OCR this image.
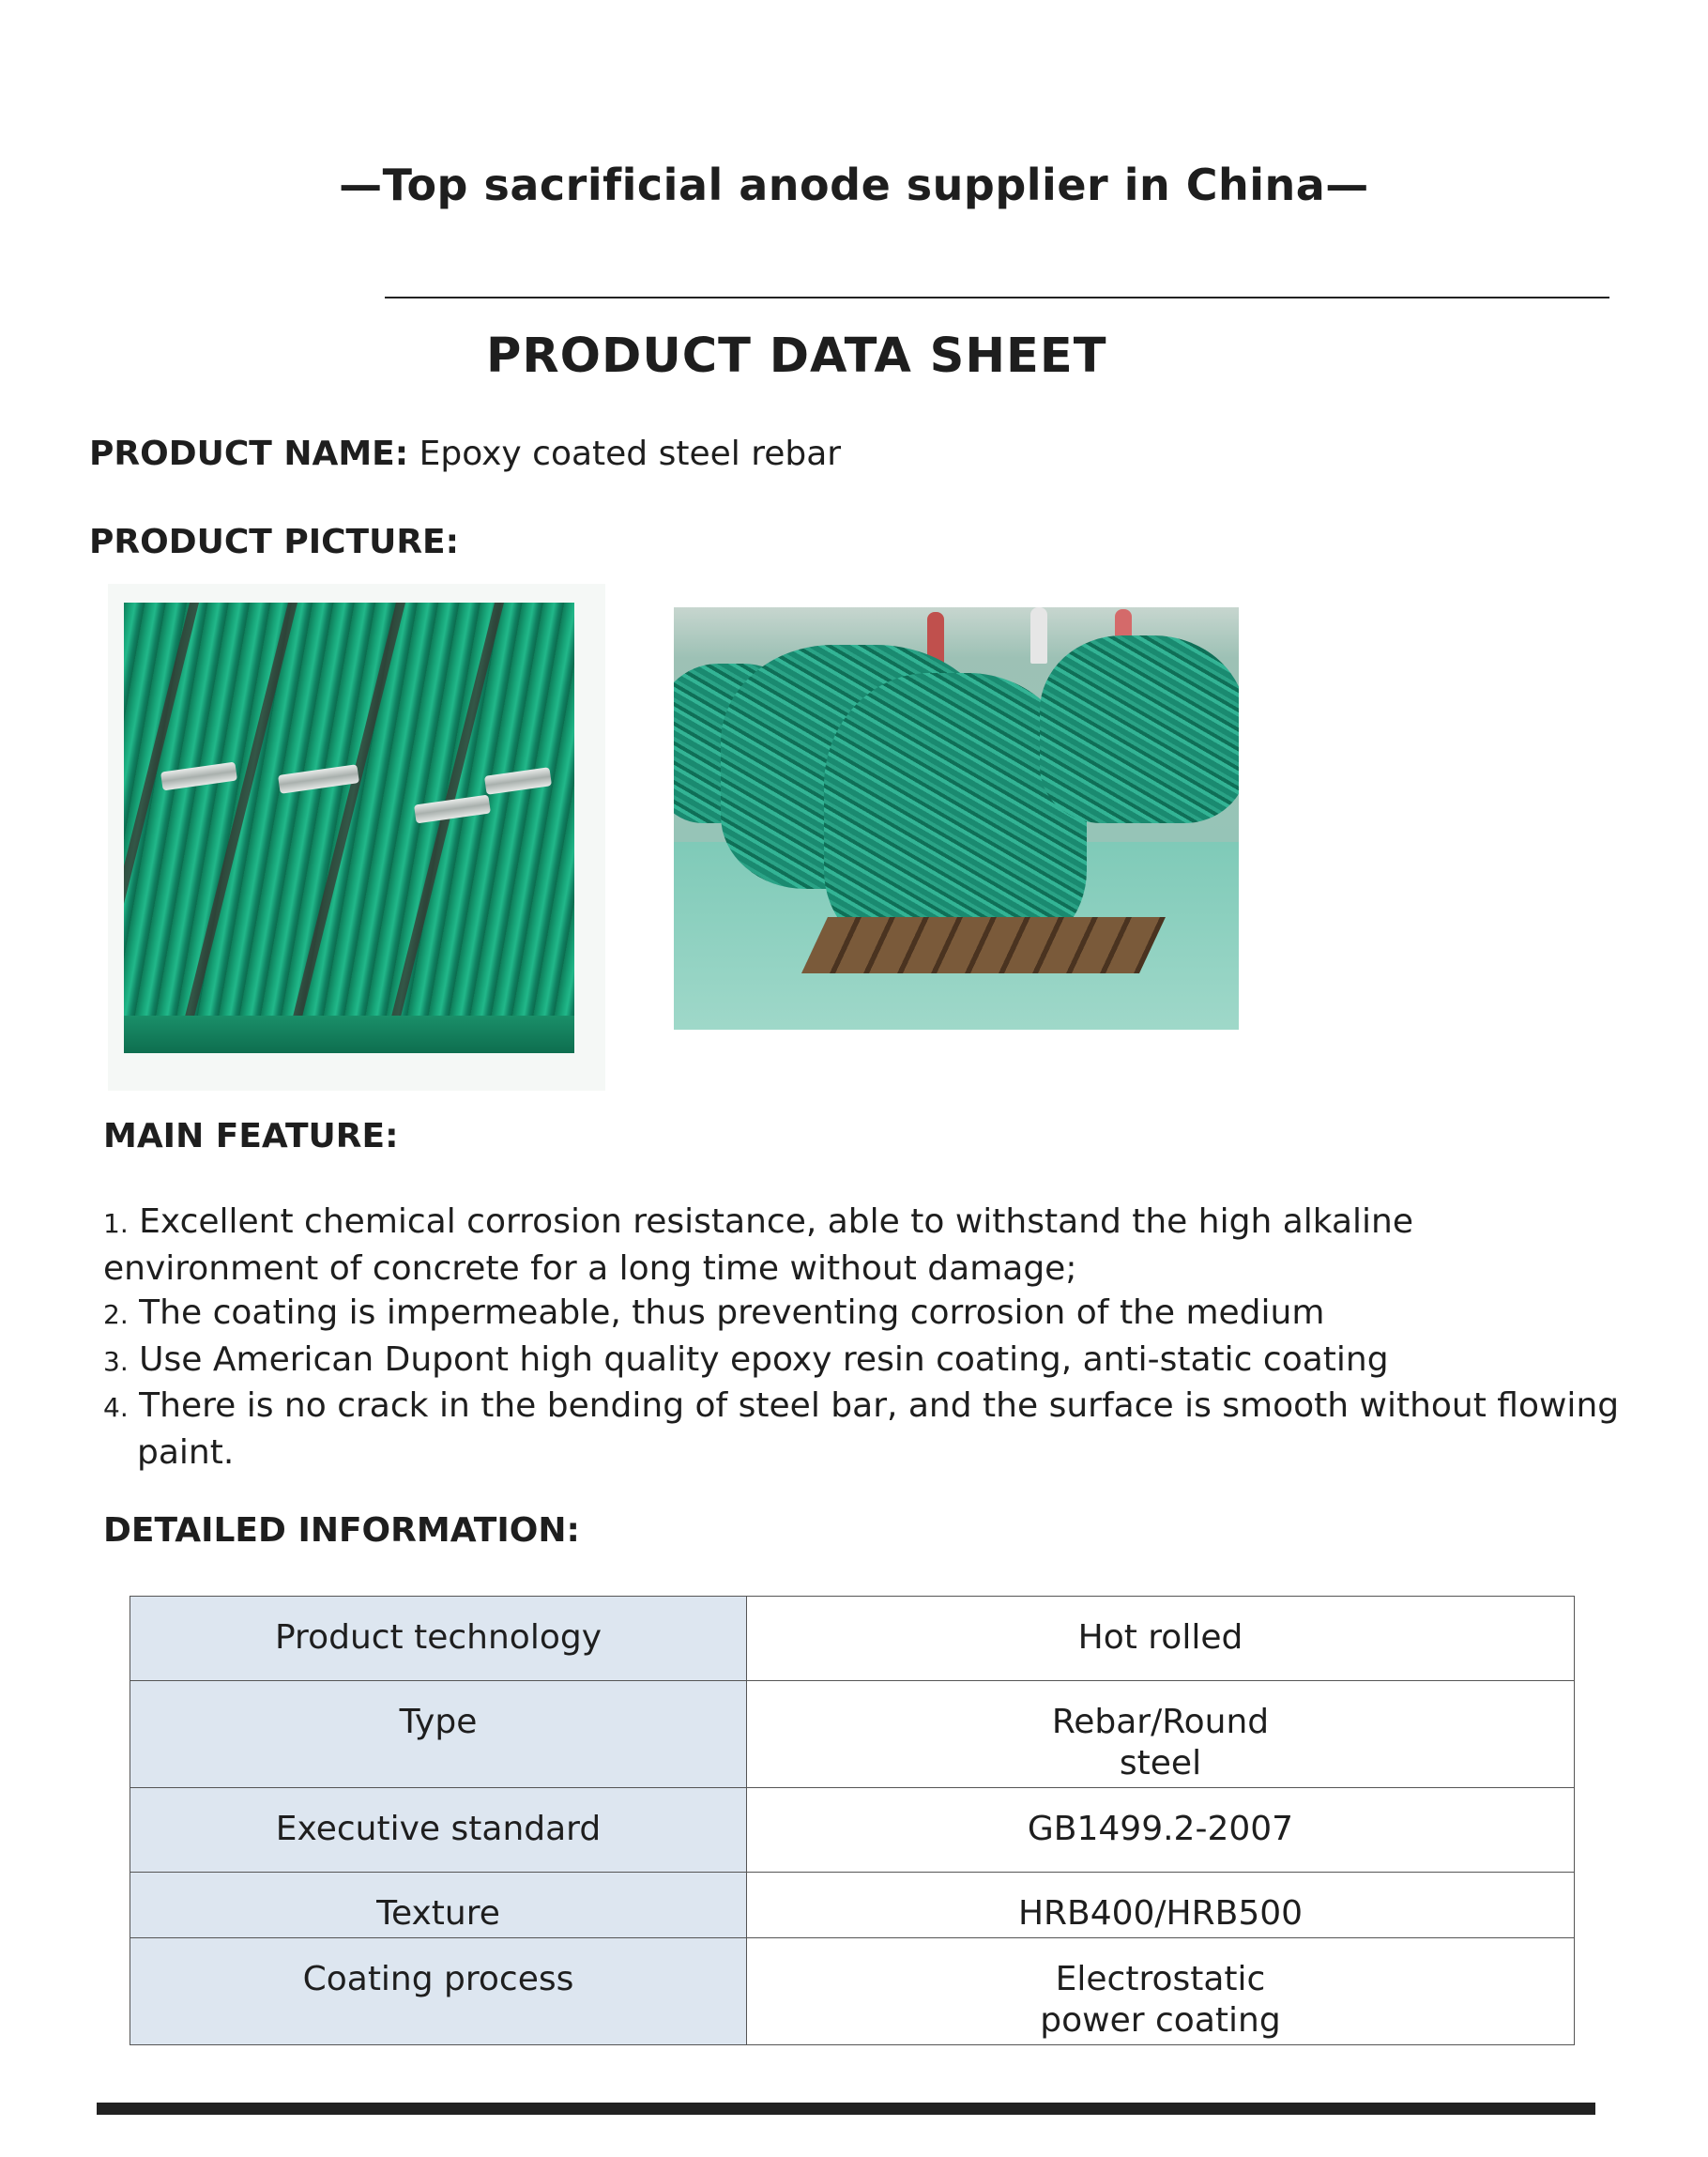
—Top sacrificial anode supplier in China—
PRODUCT DATA SHEET
PRODUCT NAME: Epoxy coated steel rebar
PRODUCT PICTURE:
MAIN FEATURE:
1. Excellent chemical corrosion resistance, able to withstand the high alkaline
environment of concrete for a long time without damage;
2. The coating is impermeable, thus preventing corrosion of the medium
3. Use American Dupont high quality epoxy resin coating, anti-static coating
4. There is no crack in the bending of steel bar, and the surface is smooth without flowing
paint.
DETAILED INFORMATION:
Product technology	Hot rolled

Type	Rebar/Round
steel

Executive standard	GB1499.2-2007

Texture	HRB400/HRB500

Coating process	Electrostatic
power coating
